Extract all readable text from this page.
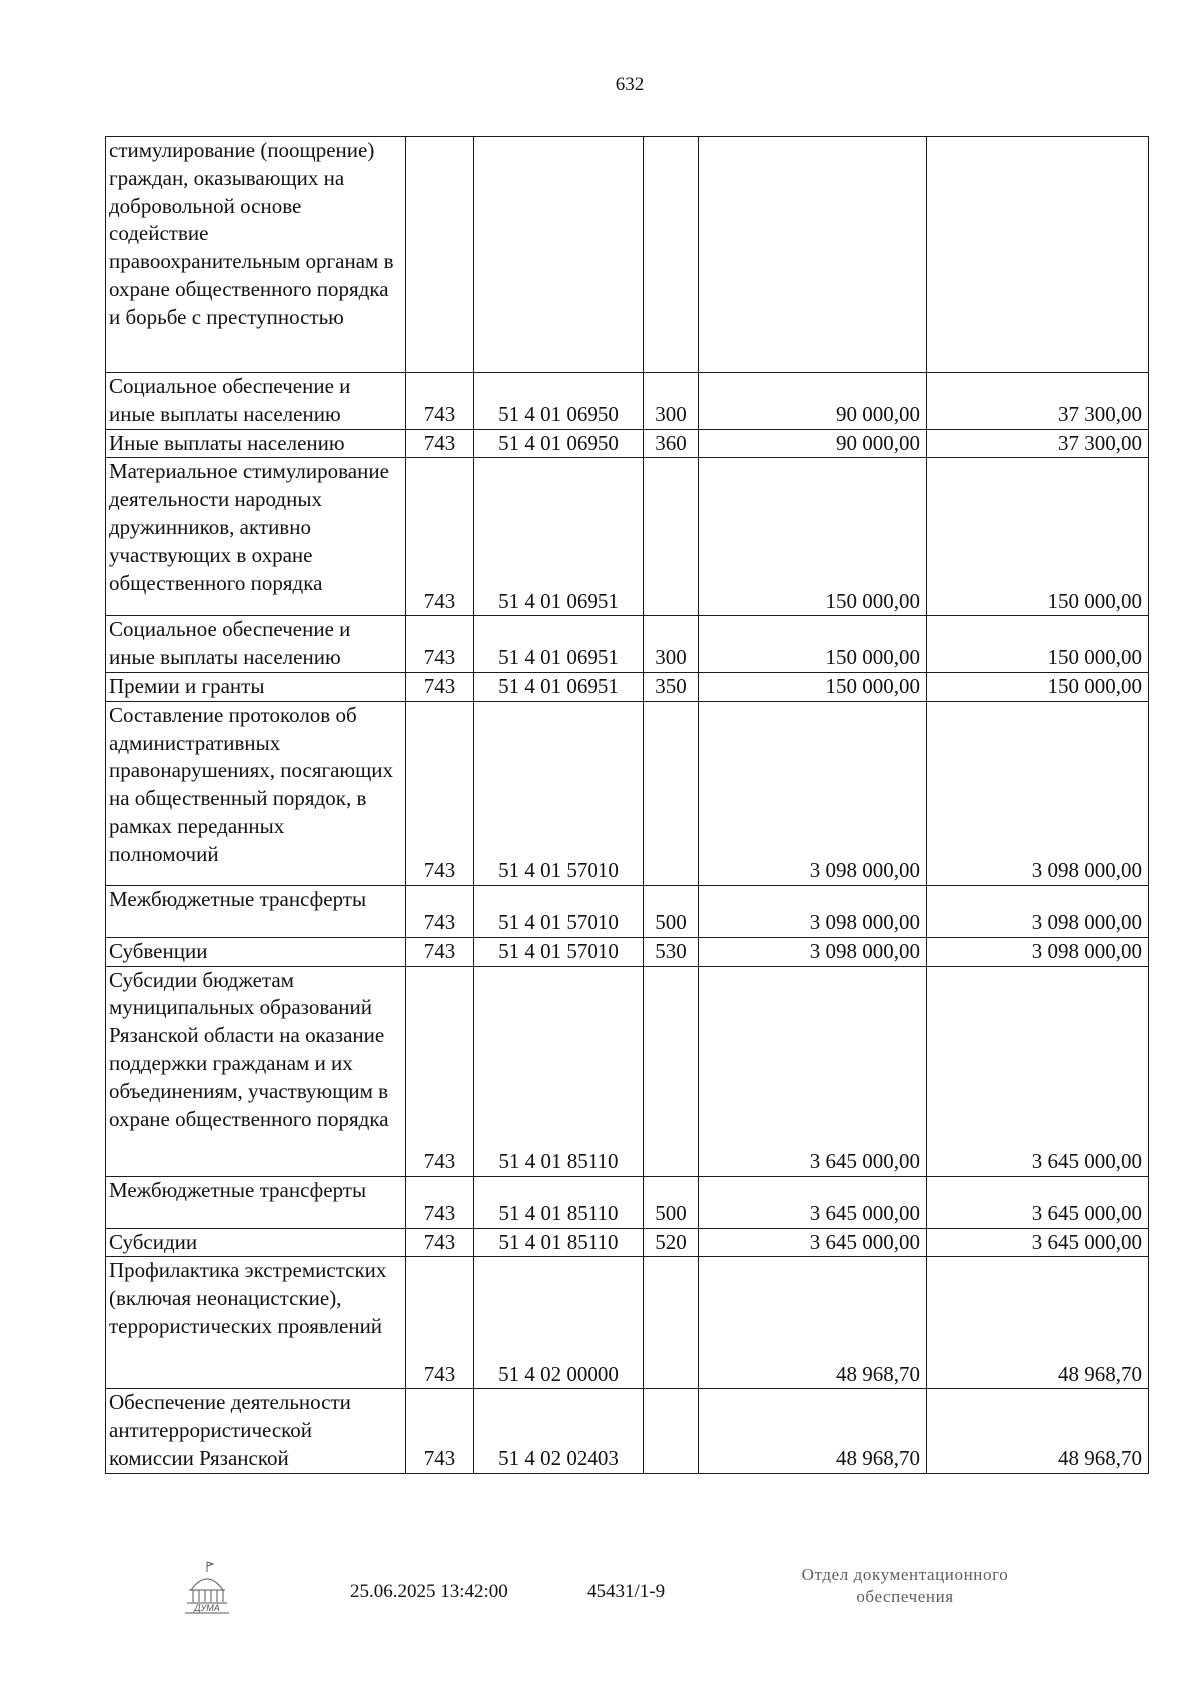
632
стимулирование (поощрение) граждан, оказывающих на добровольной основе содействие правоохранительным органам в охране общественного порядка и борьбе с преступностью					
Социальное обеспечение и иные выплаты населению	743	51 4 01 06950	300	90 000,00	37 300,00
Иные выплаты населению	743	51 4 01 06950	360	90 000,00	37 300,00
Материальное стимулирование деятельности народных дружинников, активно участвующих в охране общественного порядка	743	51 4 01 06951		150 000,00	150 000,00
Социальное обеспечение и иные выплаты населению	743	51 4 01 06951	300	150 000,00	150 000,00
Премии и гранты	743	51 4 01 06951	350	150 000,00	150 000,00
Составление протоколов об административных правонарушениях, посягающих на общественный порядок, в рамках переданных полномочий	743	51 4 01 57010		3 098 000,00	3 098 000,00
Межбюджетные трансферты	743	51 4 01 57010	500	3 098 000,00	3 098 000,00
Субвенции	743	51 4 01 57010	530	3 098 000,00	3 098 000,00
Субсидии бюджетам муниципальных образований Рязанской области на оказание поддержки гражданам и их объединениям, участвующим в охране общественного порядка	743	51 4 01 85110		3 645 000,00	3 645 000,00
Межбюджетные трансферты	743	51 4 01 85110	500	3 645 000,00	3 645 000,00
Субсидии	743	51 4 01 85110	520	3 645 000,00	3 645 000,00
Профилактика экстремистских (включая неонацистские), террористических проявлений	743	51 4 02 00000		48 968,70	48 968,70
Обеспечение деятельности антитеррористической комиссии Рязанской	743	51 4 02 02403		48 968,70	48 968,70
ДУМА
25.06.2025 13:42:00	45431/1-9
Отдел документационного
обеспечения
